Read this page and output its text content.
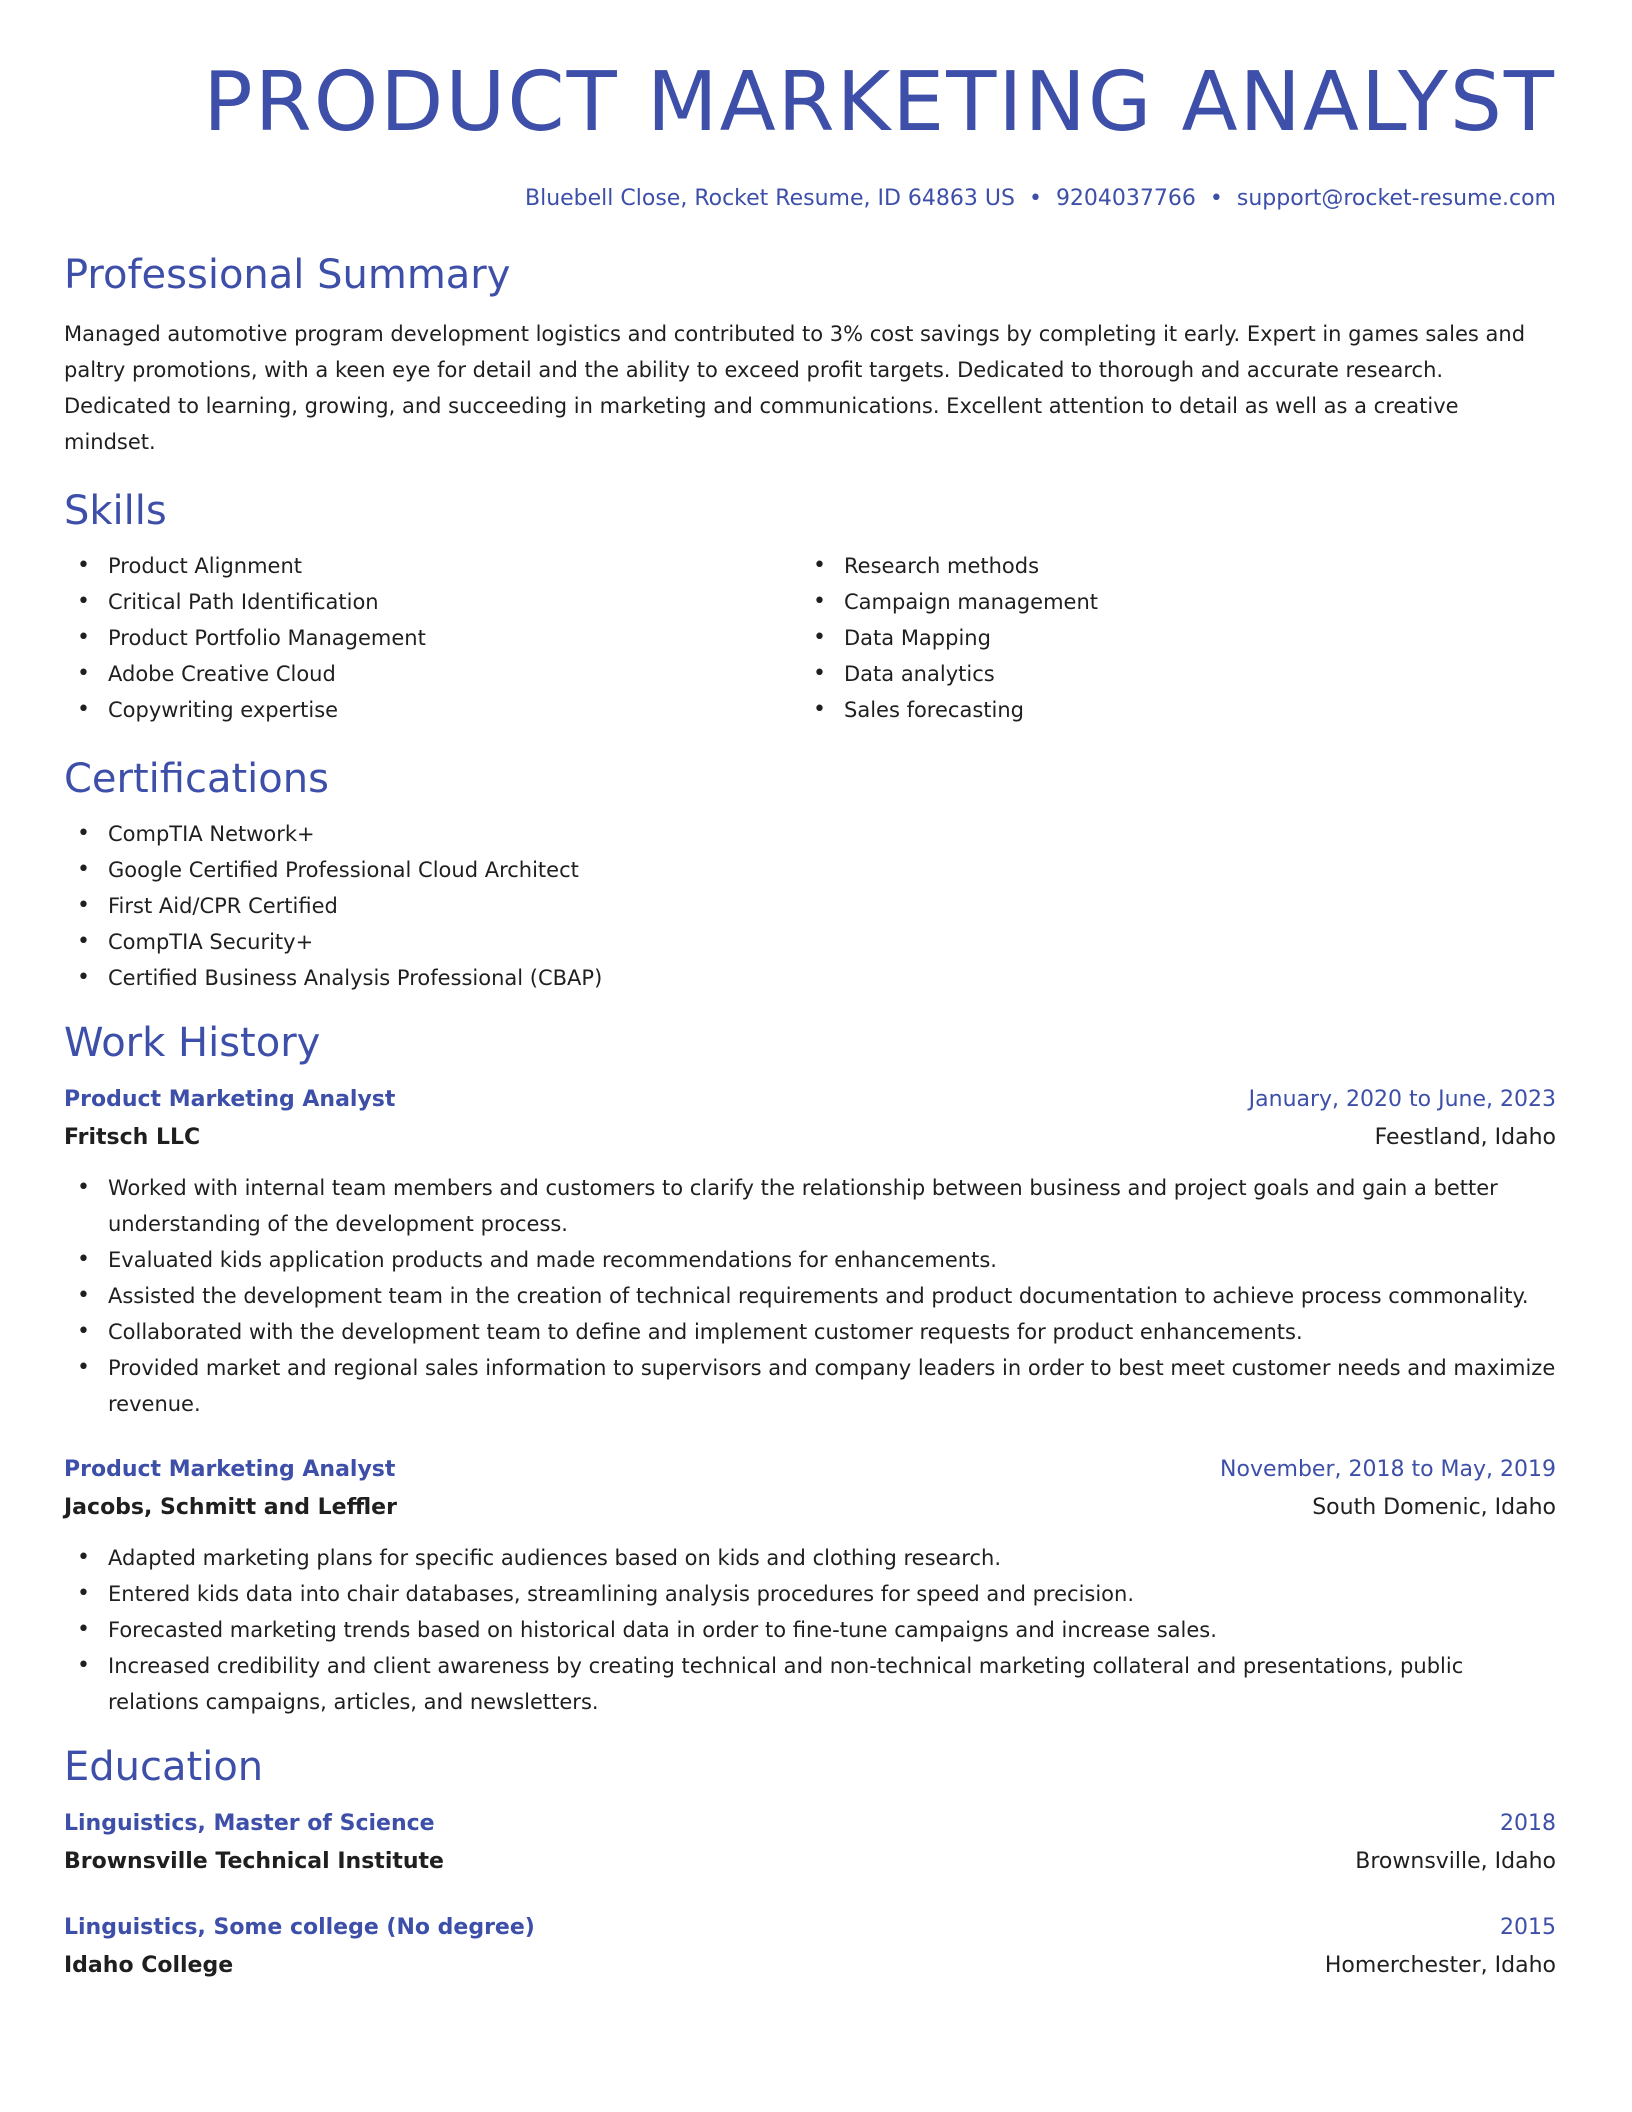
PRODUCT MARKETING ANALYST
Bluebell Close, Rocket Resume, ID 64863 US • 9204037766 • support@rocket-resume.com
Professional Summary

Managed automotive program development logistics and contributed to 3% cost savings by completing it early. Expert in games sales and paltry promotions, with a keen eye for detail and the ability to exceed profit targets. Dedicated to thorough and accurate research. Dedicated to learning, growing, and succeeding in marketing and communications. Excellent attention to detail as well as a creative mindset.

Skills
• Product Alignment
• Critical Path Identification
• Product Portfolio Management
• Adobe Creative Cloud
• Copywriting expertise
• Research methods
• Campaign management
• Data Mapping
• Data analytics
• Sales forecasting
Certifications
• CompTIA Network+
• Google Certified Professional Cloud Architect
• First Aid/CPR Certified
• CompTIA Security+
• Certified Business Analysis Professional (CBAP)
Work History
Product Marketing Analyst	January, 2020 to June, 2023
Fritsch LLC	Feestland, Idaho
• Worked with internal team members and customers to clarify the relationship between business and project goals and gain a better understanding of the development process.
• Evaluated kids application products and made recommendations for enhancements.
• Assisted the development team in the creation of technical requirements and product documentation to achieve process commonality.
• Collaborated with the development team to define and implement customer requests for product enhancements.
• Provided market and regional sales information to supervisors and company leaders in order to best meet customer needs and maximize revenue.
Product Marketing Analyst	November, 2018 to May, 2019
Jacobs, Schmitt and Leffler	South Domenic, Idaho
• Adapted marketing plans for specific audiences based on kids and clothing research.
• Entered kids data into chair databases, streamlining analysis procedures for speed and precision.
• Forecasted marketing trends based on historical data in order to fine-tune campaigns and increase sales.
• Increased credibility and client awareness by creating technical and non-technical marketing collateral and presentations, public relations campaigns, articles, and newsletters.
Education
Linguistics, Master of Science	2018
Brownsville Technical Institute	Brownsville, Idaho
Linguistics, Some college (No degree)	2015
Idaho College	Homerchester, Idaho
